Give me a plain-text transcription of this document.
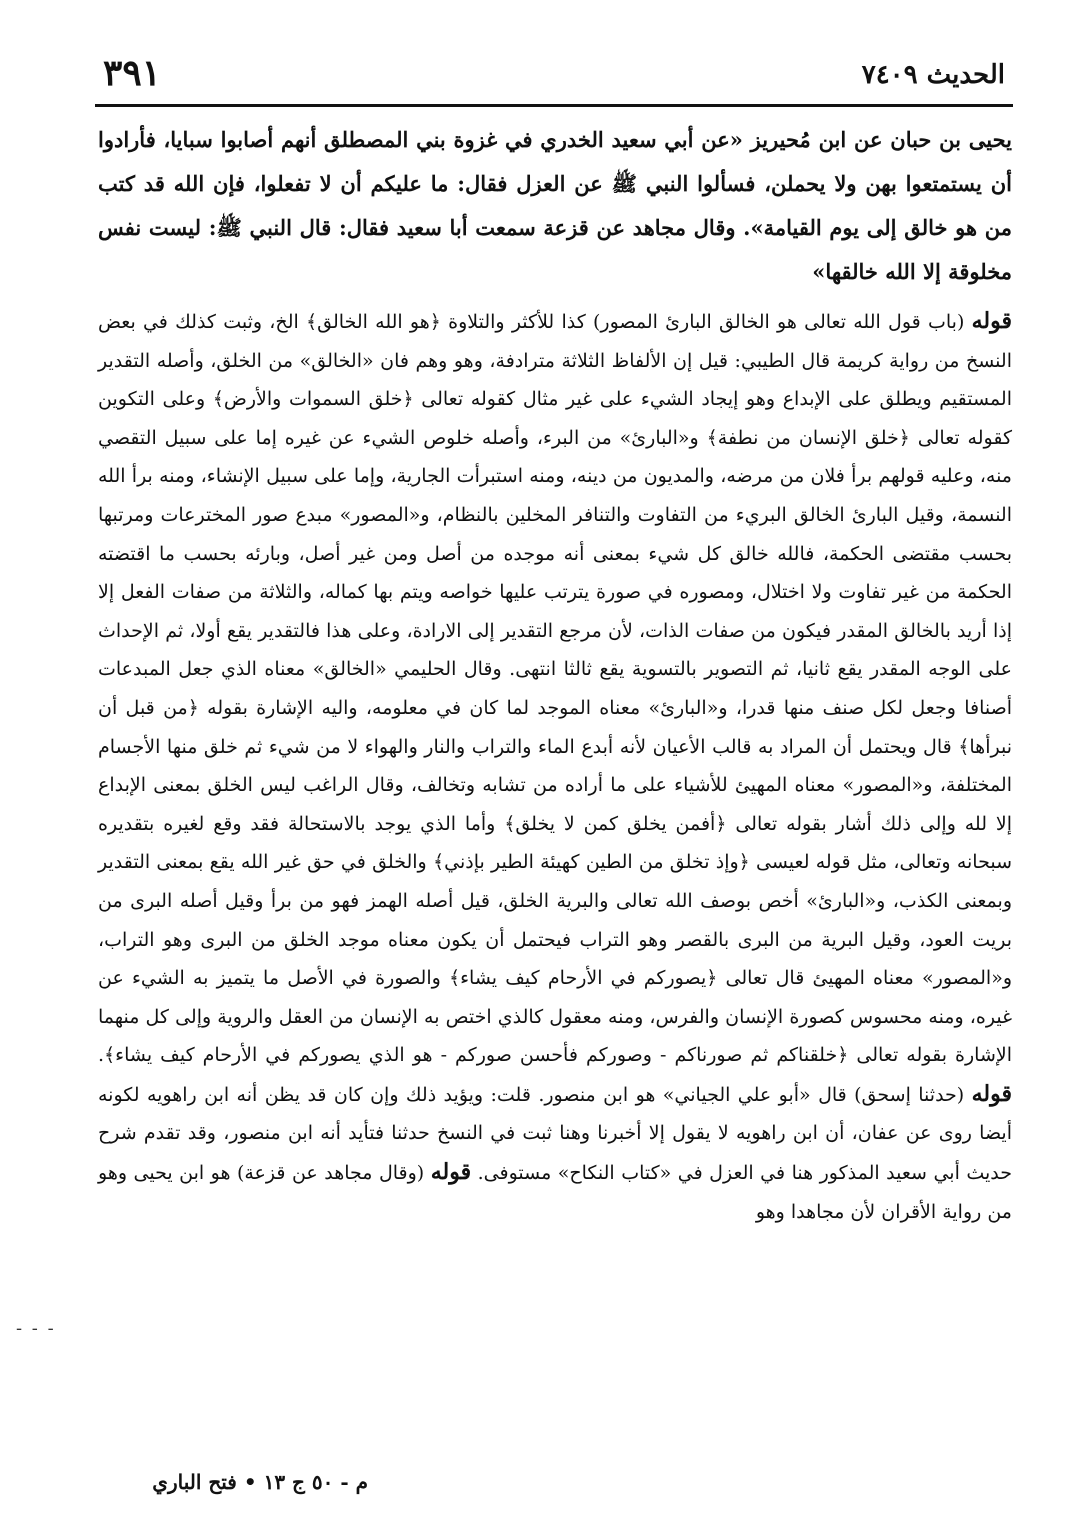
الحديث ٧٤٠٩
٣٩١

يحيى بن حبان عن ابن مُحيريز «عن أبي سعيد الخدري في غزوة بني المصطلق أنهم أصابوا سبايا، فأرادوا أن يستمتعوا بهن ولا يحملن، فسألوا النبي ﷺ عن العزل فقال: ما عليكم أن لا تفعلوا، فإن الله قد كتب من هو خالق إلى يوم القيامة». وقال مجاهد عن قزعة سمعت أبا سعيد فقال: قال النبي ﷺ: ليست نفس مخلوقة إلا الله خالقها»

قوله (باب قول الله تعالى هو الخالق البارئ المصور) كذا للأكثر والتلاوة ﴿هو الله الخالق﴾ الخ، وثبت كذلك في بعض النسخ من رواية كريمة قال الطيبي: قيل إن الألفاظ الثلاثة مترادفة، وهو وهم فان «الخالق» من الخلق، وأصله التقدير المستقيم ويطلق على الإبداع وهو إيجاد الشيء على غير مثال كقوله تعالى ﴿خلق السموات والأرض﴾ وعلى التكوين كقوله تعالى ﴿خلق الإنسان من نطفة﴾ و«البارئ» من البرء، وأصله خلوص الشيء عن غيره إما على سبيل التقصي منه، وعليه قولهم برأ فلان من مرضه، والمديون من دينه، ومنه استبرأت الجارية، وإما على سبيل الإنشاء، ومنه برأ الله النسمة، وقيل البارئ الخالق البريء من التفاوت والتنافر المخلين بالنظام، و«المصور» مبدع صور المخترعات ومرتبها بحسب مقتضى الحكمة، فالله خالق كل شيء بمعنى أنه موجده من أصل ومن غير أصل، وبارئه بحسب ما اقتضته الحكمة من غير تفاوت ولا اختلال، ومصوره في صورة يترتب عليها خواصه ويتم بها كماله، والثلاثة من صفات الفعل إلا إذا أريد بالخالق المقدر فيكون من صفات الذات، لأن مرجع التقدير إلى الارادة، وعلى هذا فالتقدير يقع أولا، ثم الإحداث على الوجه المقدر يقع ثانيا، ثم التصوير بالتسوية يقع ثالثا انتهى. وقال الحليمي «الخالق» معناه الذي جعل المبدعات أصنافا وجعل لكل صنف منها قدرا، و«البارئ» معناه الموجد لما كان في معلومه، واليه الإشارة بقوله ﴿من قبل أن نبرأها﴾ قال ويحتمل أن المراد به قالب الأعيان لأنه أبدع الماء والتراب والنار والهواء لا من شيء ثم خلق منها الأجسام المختلفة، و«المصور» معناه المهيئ للأشياء على ما أراده من تشابه وتخالف، وقال الراغب ليس الخلق بمعنى الإبداع إلا لله وإلى ذلك أشار بقوله تعالى ﴿أفمن يخلق كمن لا يخلق﴾ وأما الذي يوجد بالاستحالة فقد وقع لغيره بتقديره سبحانه وتعالى، مثل قوله لعيسى ﴿وإذ تخلق من الطين كهيئة الطير بإذني﴾ والخلق في حق غير الله يقع بمعنى التقدير وبمعنى الكذب، و«البارئ» أخص بوصف الله تعالى والبرية الخلق، قيل أصله الهمز فهو من برأ وقيل أصله البرى من بريت العود، وقيل البرية من البرى بالقصر وهو التراب فيحتمل أن يكون معناه موجد الخلق من البرى وهو التراب، و«المصور» معناه المهيئ قال تعالى ﴿يصوركم في الأرحام كيف يشاء﴾ والصورة في الأصل ما يتميز به الشيء عن غيره، ومنه محسوس كصورة الإنسان والفرس، ومنه معقول كالذي اختص به الإنسان من العقل والروية وإلى كل منهما الإشارة بقوله تعالى ﴿خلقناكم ثم صورناكم - وصوركم فأحسن صوركم - هو الذي يصوركم في الأرحام كيف يشاء﴾. قوله (حدثنا إسحق) قال «أبو علي الجياني» هو ابن منصور. قلت: ويؤيد ذلك وإن كان قد يظن أنه ابن راهويه لكونه أيضا روى عن عفان، أن ابن راهويه لا يقول إلا أخبرنا وهنا ثبت في النسخ حدثنا فتأيد أنه ابن منصور، وقد تقدم شرح حديث أبي سعيد المذكور هنا في العزل في «كتاب النكاح» مستوفى. قوله (وقال مجاهد عن قزعة) هو ابن يحيى وهو من رواية الأقران لأن مجاهدا وهو

- - -
م - ٥٠ ج ١٣ • فتح الباري
